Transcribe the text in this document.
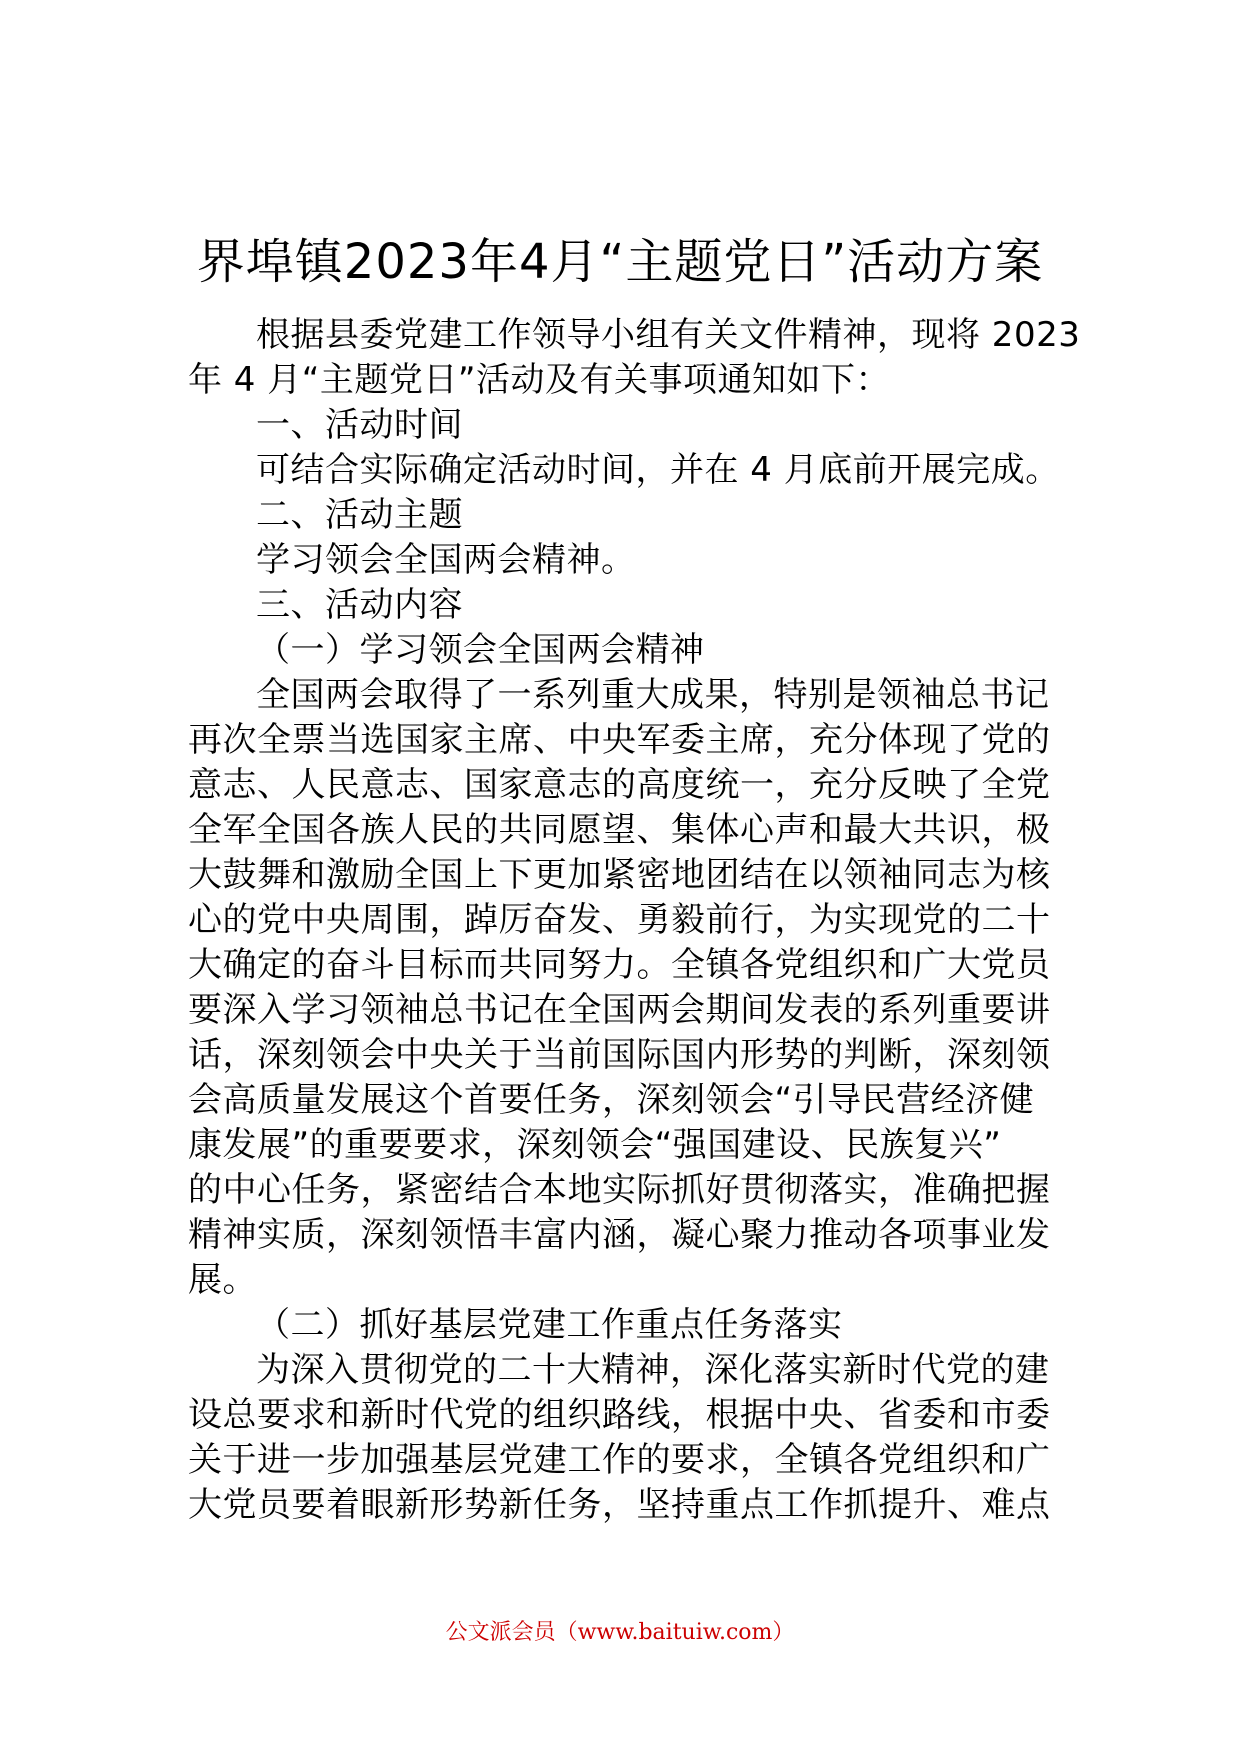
界埠镇2023年4月“主题党日”活动方案
根据县委党建工作领导小组有关文件精神，现将 2023
年 4 月“主题党日”活动及有关事项通知如下：
一、活动时间
可结合实际确定活动时间，并在 4 月底前开展完成。
二、活动主题
学习领会全国两会精神。
三、活动内容
（一）学习领会全国两会精神
全国两会取得了一系列重大成果，特别是领袖总书记
再次全票当选国家主席、中央军委主席，充分体现了党的
意志、人民意志、国家意志的高度统一，充分反映了全党
全军全国各族人民的共同愿望、集体心声和最大共识，极
大鼓舞和激励全国上下更加紧密地团结在以领袖同志为核
心的党中央周围，踔厉奋发、勇毅前行，为实现党的二十
大确定的奋斗目标而共同努力。全镇各党组织和广大党员
要深入学习领袖总书记在全国两会期间发表的系列重要讲
话，深刻领会中央关于当前国际国内形势的判断，深刻领
会高质量发展这个首要任务，深刻领会“引导民营经济健
康发展”的重要要求，深刻领会“强国建设、民族复兴”
的中心任务，紧密结合本地实际抓好贯彻落实，准确把握
精神实质，深刻领悟丰富内涵，凝心聚力推动各项事业发
展。
（二）抓好基层党建工作重点任务落实
为深入贯彻党的二十大精神，深化落实新时代党的建
设总要求和新时代党的组织路线，根据中央、省委和市委
关于进一步加强基层党建工作的要求，全镇各党组织和广
大党员要着眼新形势新任务，坚持重点工作抓提升、难点
公文派会员（www.baituiw.com）
